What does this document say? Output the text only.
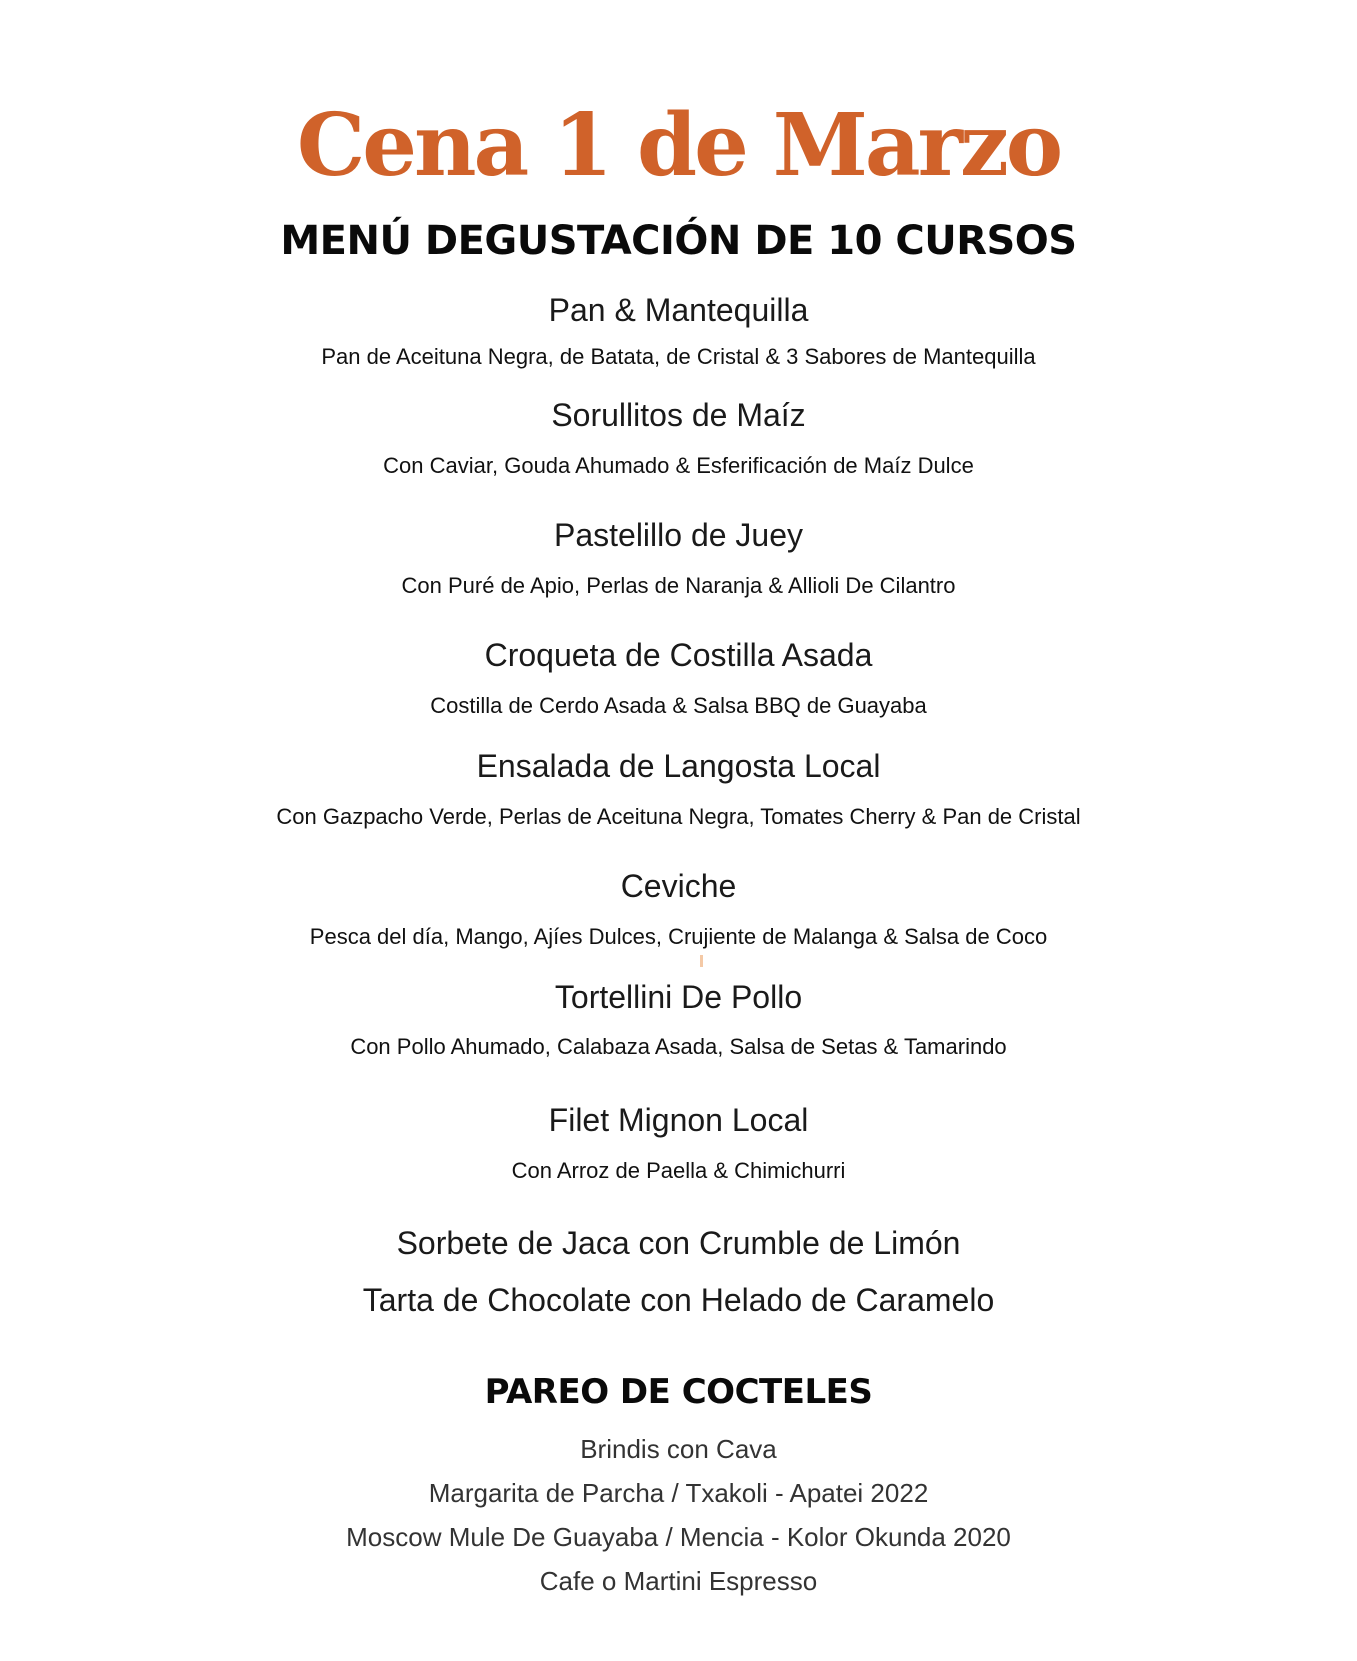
Cena 1 de Marzo
MENÚ DEGUSTACIÓN DE 10 CURSOS
Pan & Mantequilla
Pan de Aceituna Negra, de Batata, de Cristal & 3 Sabores de Mantequilla
Sorullitos de Maíz
Con Caviar, Gouda Ahumado & Esferificación de Maíz Dulce
Pastelillo de Juey
Con Puré de Apio, Perlas de Naranja & Allioli De Cilantro
Croqueta de Costilla Asada
Costilla de Cerdo Asada & Salsa BBQ de Guayaba
Ensalada de Langosta Local
Con Gazpacho Verde, Perlas de Aceituna Negra, Tomates Cherry & Pan de Cristal
Ceviche
Pesca del día, Mango, Ajíes Dulces, Crujiente de Malanga & Salsa de Coco
Tortellini De Pollo
Con Pollo Ahumado, Calabaza Asada, Salsa de Setas & Tamarindo
Filet Mignon Local
Con Arroz de Paella & Chimichurri
Sorbete de Jaca con Crumble de Limón
Tarta de Chocolate con Helado de Caramelo
PAREO DE COCTELES
Brindis con Cava
Margarita de Parcha / Txakoli - Apatei 2022
Moscow Mule De Guayaba / Mencia - Kolor Okunda 2020
Cafe o Martini Espresso
